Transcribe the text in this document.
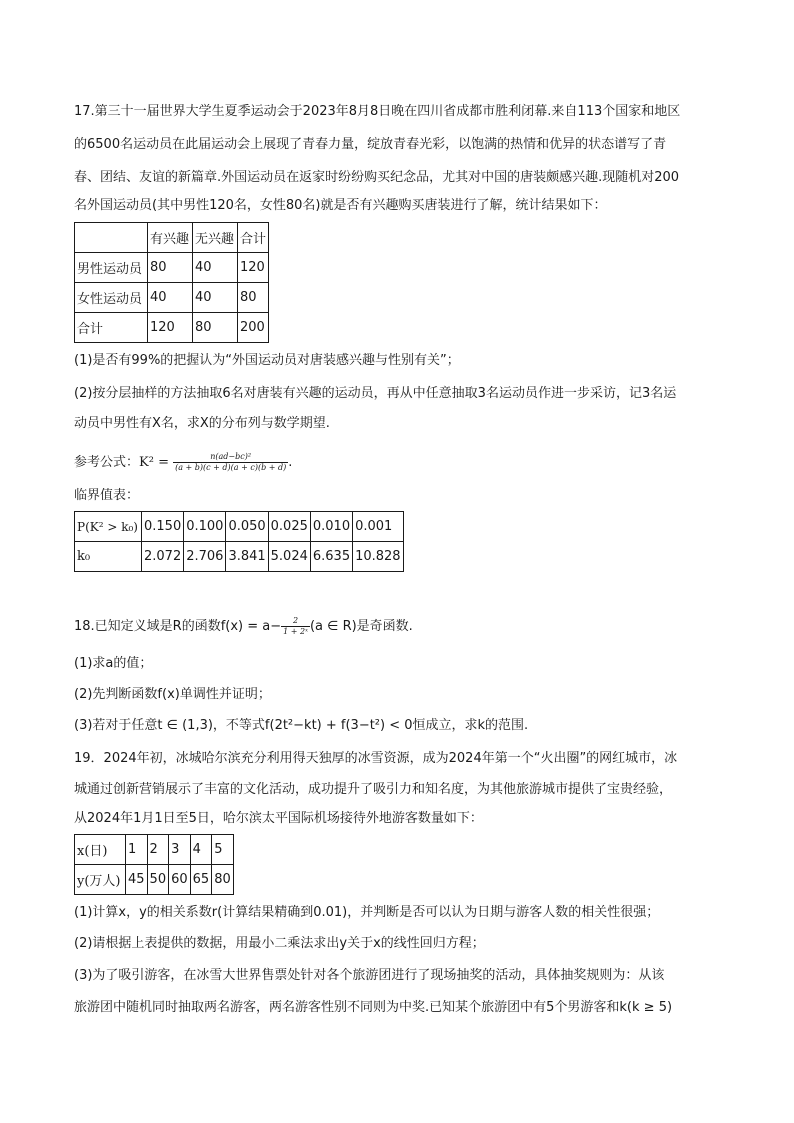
17.第三十一届世界大学生夏季运动会于2023年8月8日晚在四川省成都市胜利闭幕.来自113个国家和地区
的6500名运动员在此届运动会上展现了青春力量，绽放青春光彩，以饱满的热情和优异的状态谱写了青
春、团结、友谊的新篇章.外国运动员在返家时纷纷购买纪念品，尤其对中国的唐装颇感兴趣.现随机对200
名外国运动员(其中男性120名，女性80名)就是否有兴趣购买唐装进行了解，统计结果如下：
	有兴趣	无兴趣	合计
男性运动员	80	40	120
女性运动员	40	40	80
合计	120	80	200
(1)是否有99%的把握认为“外国运动员对唐装感兴趣与性别有关”；
(2)按分层抽样的方法抽取6名对唐装有兴趣的运动员，再从中任意抽取3名运动员作进一步采访，记3名运
动员中男性有X名，求X的分布列与数学期望.
参考公式：$K^2 = \frac{\text{n(ad−bc)²}}{(a + b)(c + d)(a + c)(b + d)}$ .
临界值表：
P(K² > k₀)	0.150	0.100	0.050	0.025	0.010	0.001
k₀	2.072	2.706	3.841	5.024	6.635	10.828
18.已知定义域是R的函数$f(x) = a- \frac{2}{\text{1 + 2ˣ}} (a$ ∈ R)是奇函数.
(1)求a的值；
(2)先判断函数f(x)单调性并证明；
(3)若对于任意t ∈ (1,3)，不等式f(2t²−kt) + f(3−t²) < 0恒成立，求k的范围.
19．2024年初，冰城哈尔滨充分利用得天独厚的冰雪资源，成为2024年第一个“火出圈”的网红城市，冰
城通过创新营销展示了丰富的文化活动，成功提升了吸引力和知名度，为其他旅游城市提供了宝贵经验，
从2024年1月1日至5日，哈尔滨太平国际机场接待外地游客数量如下：
x(日)	1	2	3	4	5
y(万人)	45	50	60	65	80
(1)计算x，y的相关系数r(计算结果精确到0.01)，并判断是否可以认为日期与游客人数的相关性很强；
(2)请根据上表提供的数据，用最小二乘法求出y关于x的线性回归方程；
(3)为了吸引游客，在冰雪大世界售票处针对各个旅游团进行了现场抽奖的活动，具体抽奖规则为：从该
旅游团中随机同时抽取两名游客，两名游客性别不同则为中奖.已知某个旅游团中有5个男游客和k(k ≥ 5)
